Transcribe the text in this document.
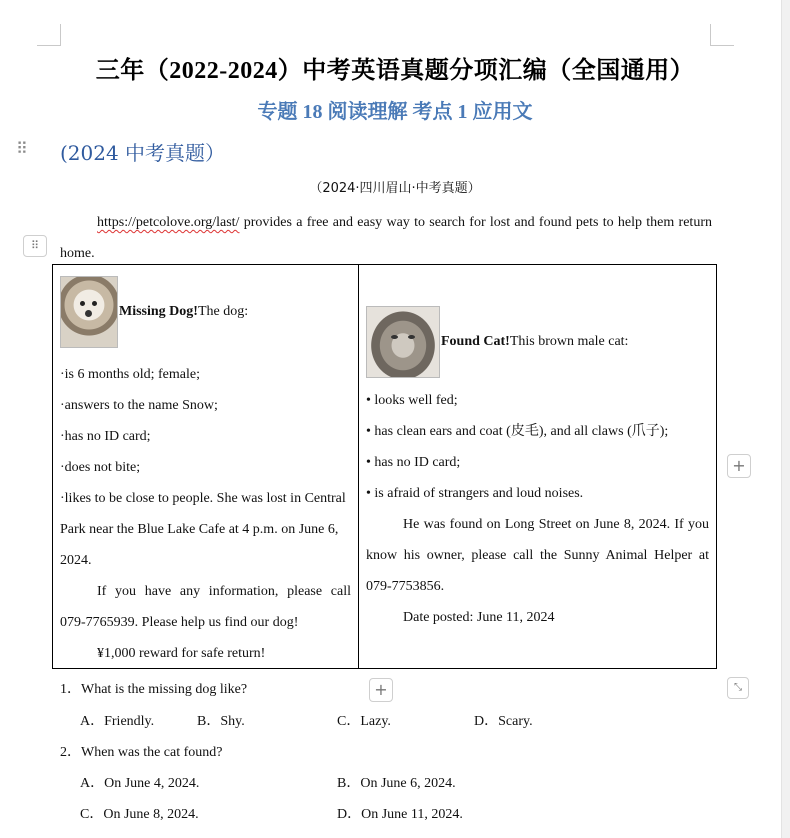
三年（2022-2024）中考英语真题分项汇编（全国通用）
专题 18 阅读理解 考点 1 应用文
⠿ (2024 中考真题）
（2024·四川眉山·中考真题）
https://petcolove.org/last/ provides a free and easy way to search for lost and found pets to help them return
home.
⠿
Missing Dog! The dog:
·is 6 months old; female;
·answers to the name Snow;
·has no ID card;
·does not bite;
·likes to be close to people. She was lost in Central
Park near the Blue Lake Cafe at 4 p.m. on June 6,
2024.
If you have any information, please call
079-7765939. Please help us find our dog!
¥1,000 reward for safe return!
Found Cat! This brown male cat:
• looks well fed;
• has clean ears and coat (皮毛), and all claws (爪子);
• has no ID card;
• is afraid of strangers and loud noises.
He was found on Long Street on June 8, 2024. If you
know his owner, please call the Sunny Animal Helper at
079-7753856.
Date posted: June 11, 2024
+
+	⤡
1．What is the missing dog like?
A．Friendly.	B．Shy.	C．Lazy.	D．Scary.
2．When was the cat found?
A．On June 4, 2024.	B．On June 6, 2024.
C．On June 8, 2024.	D．On June 11, 2024.
